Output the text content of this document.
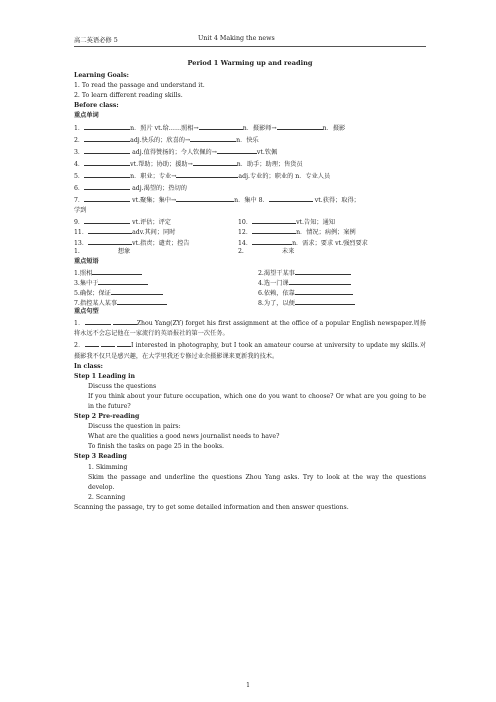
高二英语必修 5	Unit 4 Making the news
Period 1 Warming up and reading
Learning Goals:
1. To read the passage and understand it.
2. To learn different reading skills.
Before class:
重点单词
1．	n．照片 vt.给……照相→	n．摄影师→	n．摄影
2．	adj.快乐的；欣喜的→	n．快乐
3．	adj.值得赞扬的；令人钦佩的→	vt.钦佩
4．	vt.帮助；协助；援助→	n．助手；助理；售货员
5．	n．职业；专业→	adj.专业的；职业的 n．专业人员
6．	adj.渴望的；热切的
7．	vt.聚集；集中→	n．集中 8．	vt.获得；取得；
学到
9．	vt.评估；评定	10．	vt.告知；通知
11．	adv.其间；同时	12．	n．情况；病例；案例
13．	vt.指责；谴责；控告	14．	n．需求；要求 vt.强烈要求
1.	想象	2.	未来
重点短语
1.照相	2.渴望干某事
3.集中于	4.选一门课
5.确保；保证	6.依赖，依靠
7.指控某人某事	8.为了，以便
重点句型
1．	Zhou Yang(ZY) forget his first assignment at the office of a popular English newspaper.周扬将永远不会忘记他在一家流行的英语报社的第一次任务。
2．	I interested in photography, but I took an amateur course at university to update my skills.对摄影我不仅只是感兴趣，在大学里我还专修过业余摄影课来更新我的技术。
In class:
Step 1 Leading in
Discuss the questions
If you think about your future occupation, which one do you want to choose? Or what are you going to be in the future?
Step 2 Pre-reading
Discuss the question in pairs:
What are the qualities a good news journalist needs to have?
To finish the tasks on page 25 in the books.
Step 3 Reading
1. Skimming
Skim the passage and underline the questions Zhou Yang asks. Try to look at the way the questions develop.
2. Scanning
Scanning the passage, try to get some detailed information and then answer questions.
1
